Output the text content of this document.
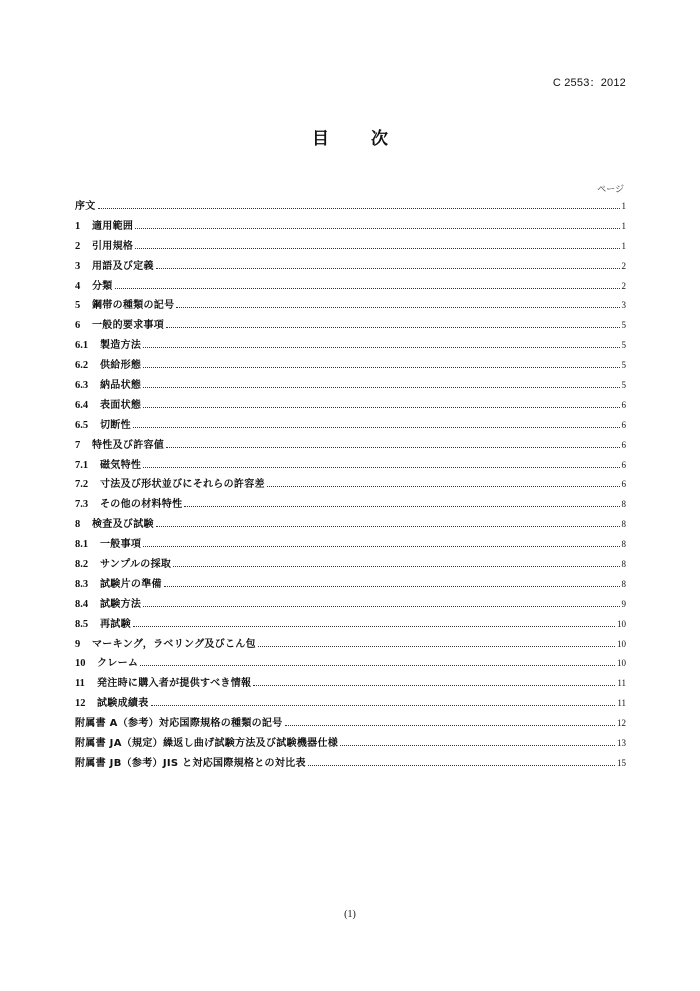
C 2553：2012
目 次
ページ
序文	1
1	適用範囲	1
2	引用規格	1
3	用語及び定義	2
4	分類	2
5	鋼帯の種類の記号	3
6	一般的要求事項	5
6.1	製造方法	5
6.2	供給形態	5
6.3	納品状態	5
6.4	表面状態	6
6.5	切断性	6
7	特性及び許容値	6
7.1	磁気特性	6
7.2	寸法及び形状並びにそれらの許容差	6
7.3	その他の材料特性	8
8	検査及び試験	8
8.1	一般事項	8
8.2	サンプルの採取	8
8.3	試験片の準備	8
8.4	試験方法	9
8.5	再試験	10
9	マーキング，ラベリング及びこん包	10
10	クレーム	10
11	発注時に購入者が提供すべき情報	11
12	試験成績表	11
附属書 A（参考）対応国際規格の種類の記号	12
附属書 JA（規定）繰返し曲げ試験方法及び試験機器仕様	13
附属書 JB（参考）JIS と対応国際規格との対比表	15
(1)
